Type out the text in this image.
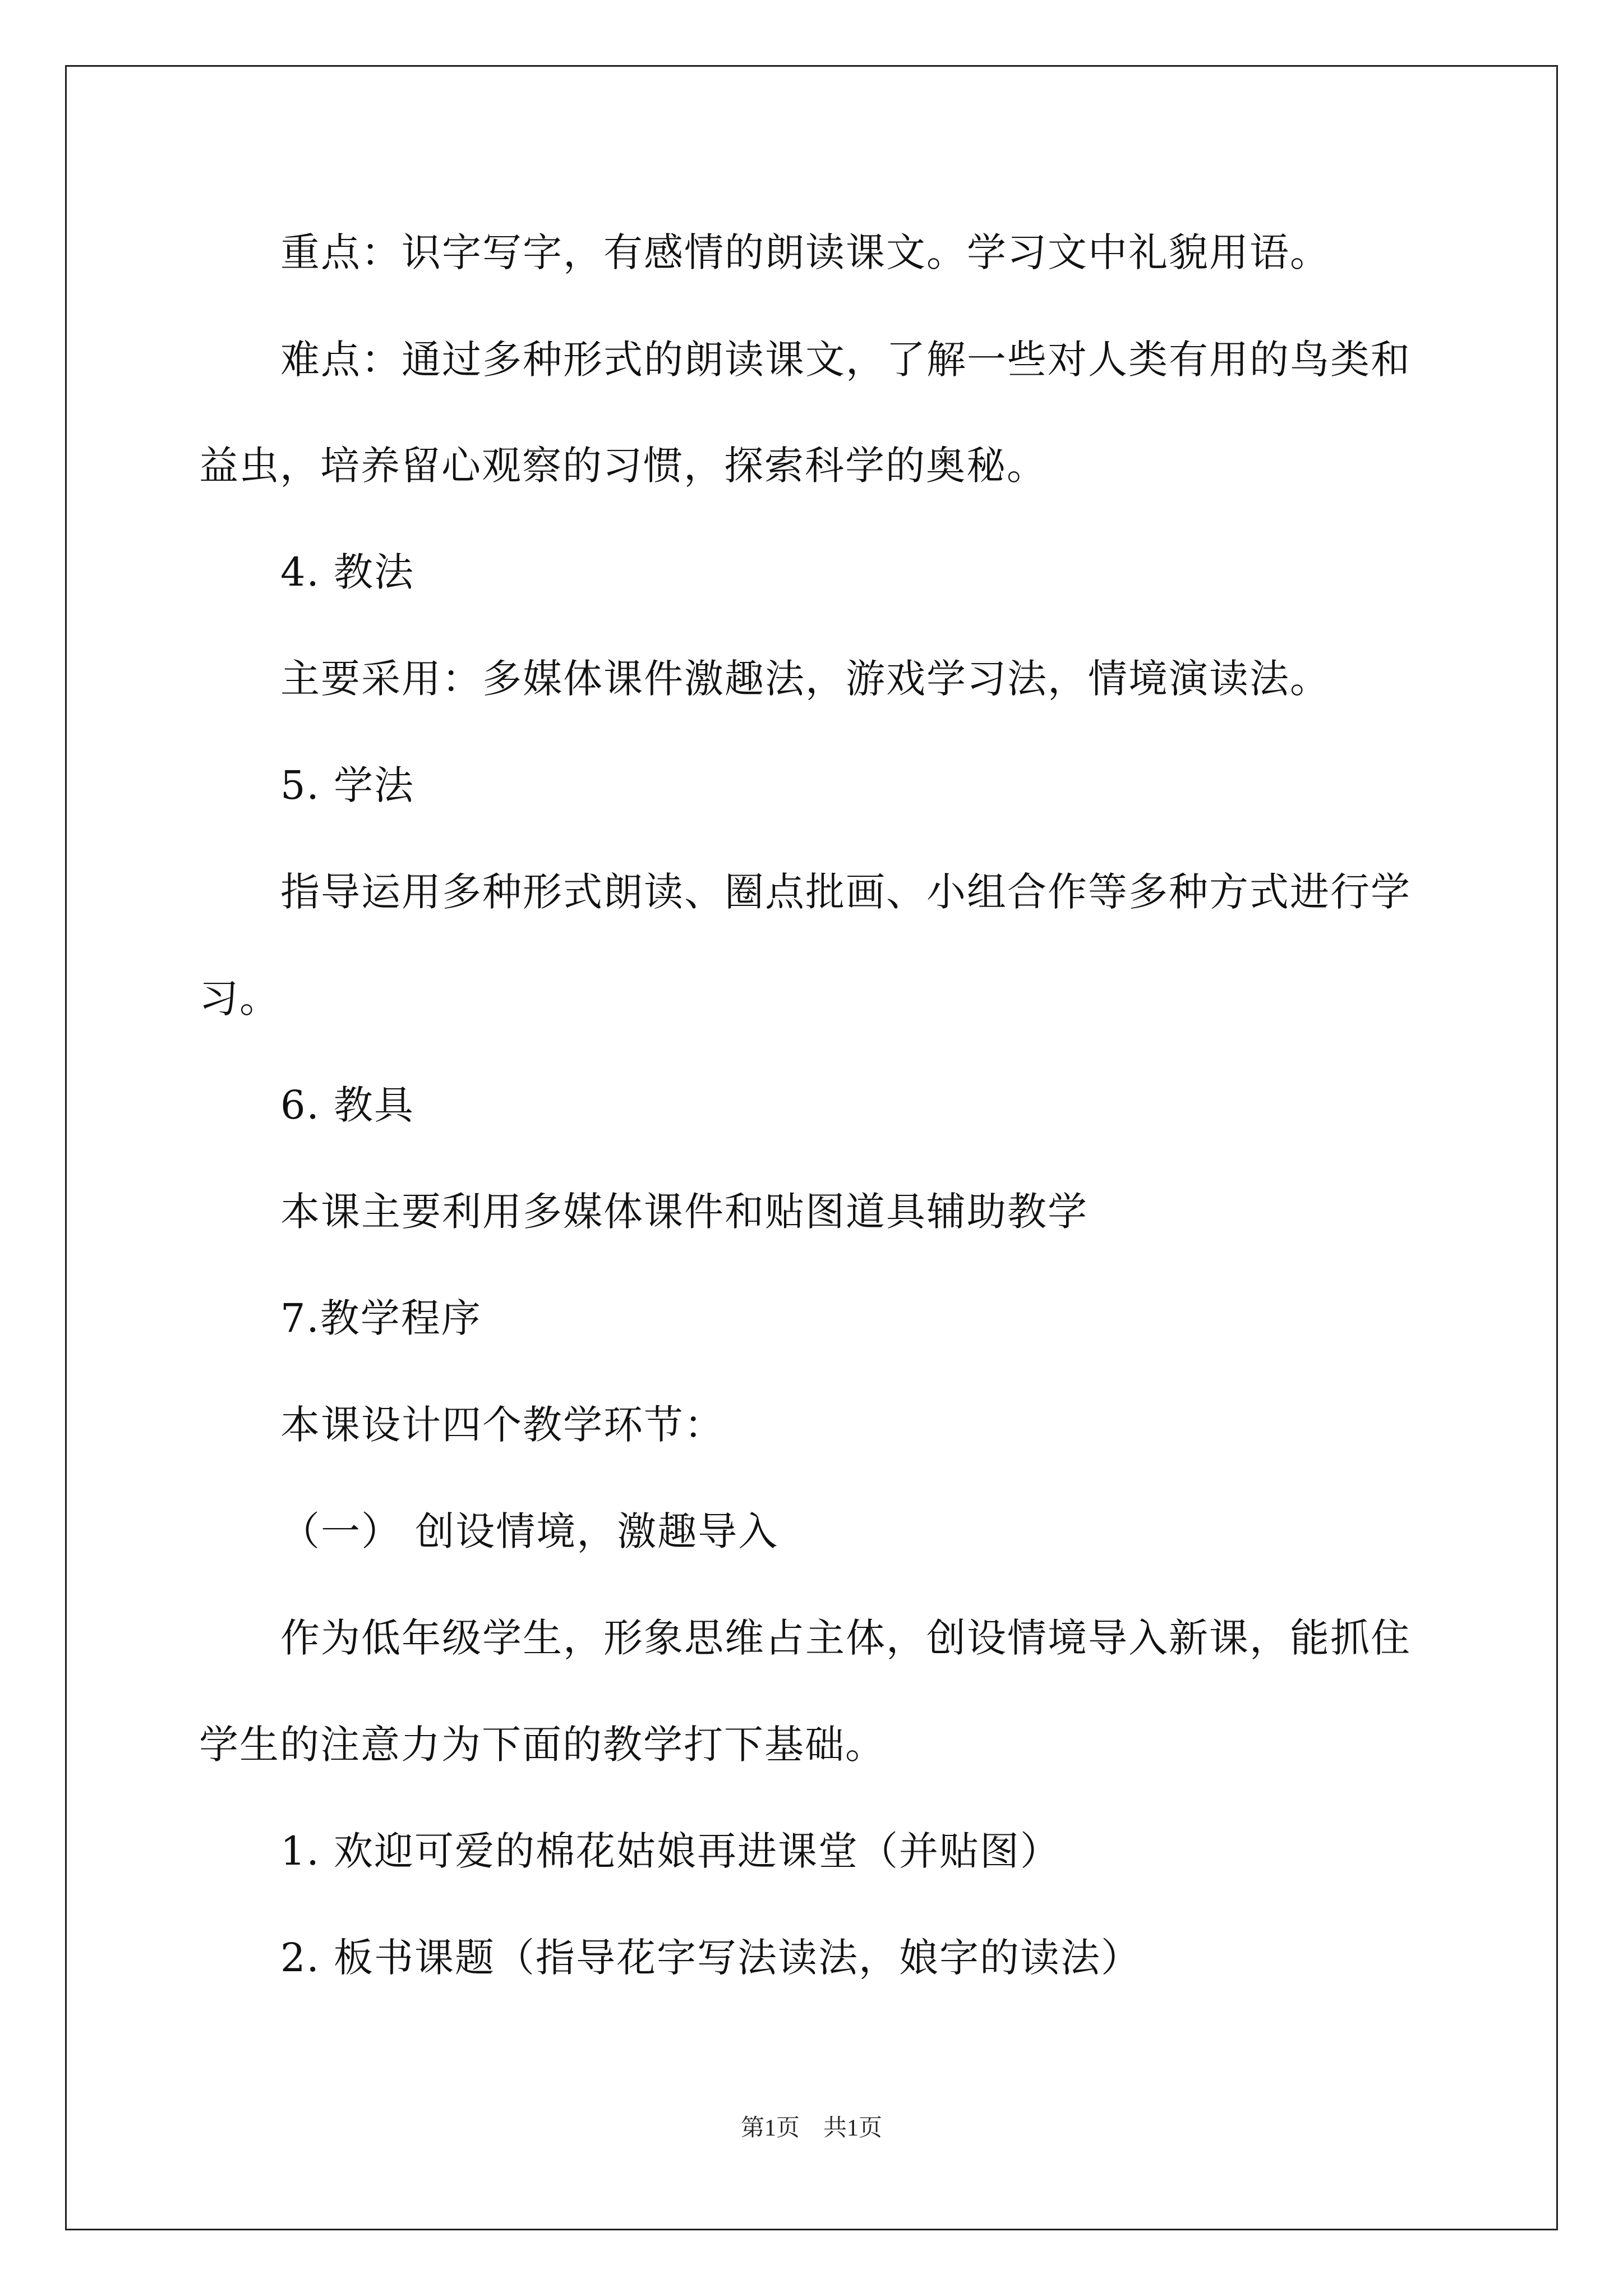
重点：识字写字，有感情的朗读课文。学习文中礼貌用语。
难点：通过多种形式的朗读课文，了解一些对人类有用的鸟类和
益虫，培养留心观察的习惯，探索科学的奥秘。
4. 教法
主要采用：多媒体课件激趣法，游戏学习法，情境演读法。
5. 学法
指导运用多种形式朗读、圈点批画、小组合作等多种方式进行学
习。
6. 教具
本课主要利用多媒体课件和贴图道具辅助教学
7.教学程序
本课设计四个教学环节：
（一） 创设情境，激趣导入
作为低年级学生，形象思维占主体，创设情境导入新课，能抓住
学生的注意力为下面的教学打下基础。
1. 欢迎可爱的棉花姑娘再进课堂（并贴图）
2. 板书课题（指导花字写法读法，娘字的读法）
第1页　共1页
